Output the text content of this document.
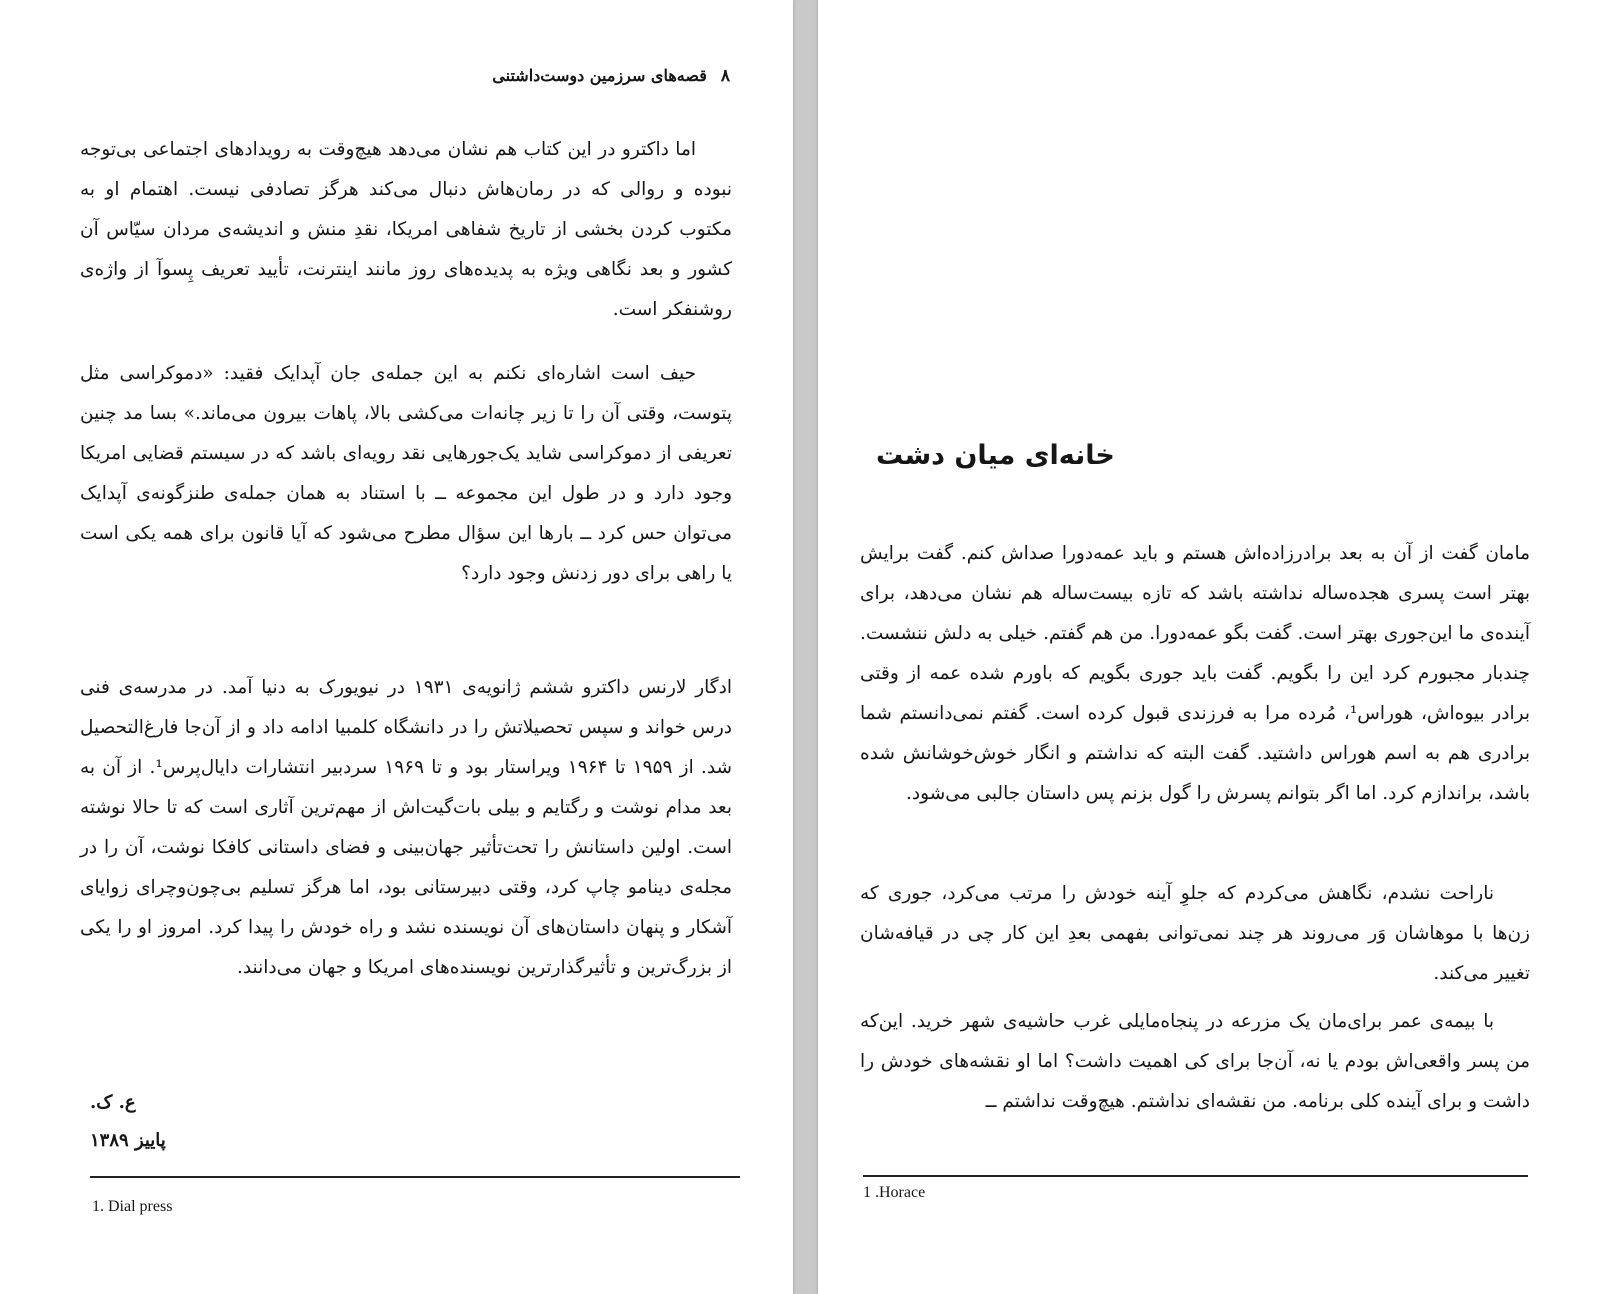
۸
قصه‌های سرزمین دوست‌داشتنی

اما داکترو در این کتاب هم نشان می‌دهد هیچ‌وقت به رویدادهای اجتماعی بی‌توجه نبوده و روالی که در رمان‌هاش دنبال می‌کند هرگز تصادفی نیست. اهتمام او به مکتوب کردن بخشی از تاریخ شفاهی امریکا، نقدِ منش و اندیشه‌ی مردان سیّاس آن کشور و بعد نگاهی ویژه به پدیده‌های روز مانند اینترنت، تأیید تعریف پِسوآ از واژه‌ی روشنفکر است.

حیف است اشاره‌ای نکنم به این جمله‌ی جان آپدایک فقید: «دموکراسی مثل پتوست، وقتی آن را تا زیر چانه‌ات می‌کشی بالا، پاهات بیرون می‌ماند.» بسا مد چنین تعریفی از دموکراسی شاید یک‌جورهایی نقد رویه‌ای باشد که در سیستم قضایی امریکا وجود دارد و در طول این مجموعه ــ با استناد به همان جمله‌ی طنزگونه‌ی آپدایک می‌توان حس کرد ــ بارها این سؤال مطرح می‌شود که آیا قانون برای همه یکی است یا راهی برای دور زدنش وجود دارد؟

ادگار لارنس داکترو ششم ژانویه‌ی ۱۹۳۱ در نیویورک به دنیا آمد. در مدرسه‌ی فنی درس خواند و سپس تحصیلاتش را در دانشگاه کلمبیا ادامه داد و از آن‌جا فارغ‌التحصیل شد. از ۱۹۵۹ تا ۱۹۶۴ ویراستار بود و تا ۱۹۶۹ سردبیر انتشارات دایال‌پرس¹. از آن به بعد مدام نوشت و رگتایم و بیلی بات‌گیت‌اش از مهم‌ترین آثاری است که تا حالا نوشته است. اولین داستانش را تحت‌تأثیر جهان‌بینی و فضای داستانی کافکا نوشت، آن را در مجله‌ی دینامو چاپ کرد، وقتی دبیرستانی بود، اما هرگز تسلیم بی‌چون‌وچرای زوایای آشکار و پنهان داستان‌های آن نویسنده نشد و راه خودش را پیدا کرد. امروز او را یکی از بزرگ‌ترین و تأثیرگذارترین نویسنده‌های امریکا و جهان می‌دانند.

ع. ک.
پاییز ۱۳۸۹
1. Dial press
خانه‌ای میان دشت

مامان گفت از آن به بعد برادرزاده‌اش هستم و باید عمه‌دورا صداش کنم. گفت برایش بهتر است پسری هجده‌ساله نداشته باشد که تازه بیست‌ساله هم نشان می‌دهد، برای آینده‌ی ما این‌جوری بهتر است. گفت بگو عمه‌دورا. من هم گفتم. خیلی به دلش ننشست. چندبار مجبورم کرد این را بگویم. گفت باید جوری بگویم که باورم شده عمه از وقتی برادر بیوه‌اش، هوراس¹، مُرده مرا به فرزندی قبول کرده است. گفتم نمی‌دانستم شما برادری هم به اسم هوراس داشتید. گفت البته که نداشتم و انگار خوش‌خوشانش شده باشد، براندازم کرد. اما اگر بتوانم پسرش را گول بزنم پس داستان جالبی می‌شود.

ناراحت نشدم، نگاهش می‌کردم که جلوِ آینه خودش را مرتب می‌کرد، جوری که زن‌ها با موهاشان وَر می‌روند هر چند نمی‌توانی بفهمی بعدِ این کار چی در قیافه‌شان تغییر می‌کند.

با بیمه‌ی عمر برای‌مان یک مزرعه در پنجاه‌مایلی غرب حاشیه‌ی شهر خرید. این‌که من پسر واقعی‌اش بودم یا نه، آن‌جا برای کی اهمیت داشت؟ اما او نقشه‌های خودش را داشت و برای آینده کلی برنامه. من نقشه‌ای نداشتم. هیچ‌وقت نداشتم ــ

1 .Horace
